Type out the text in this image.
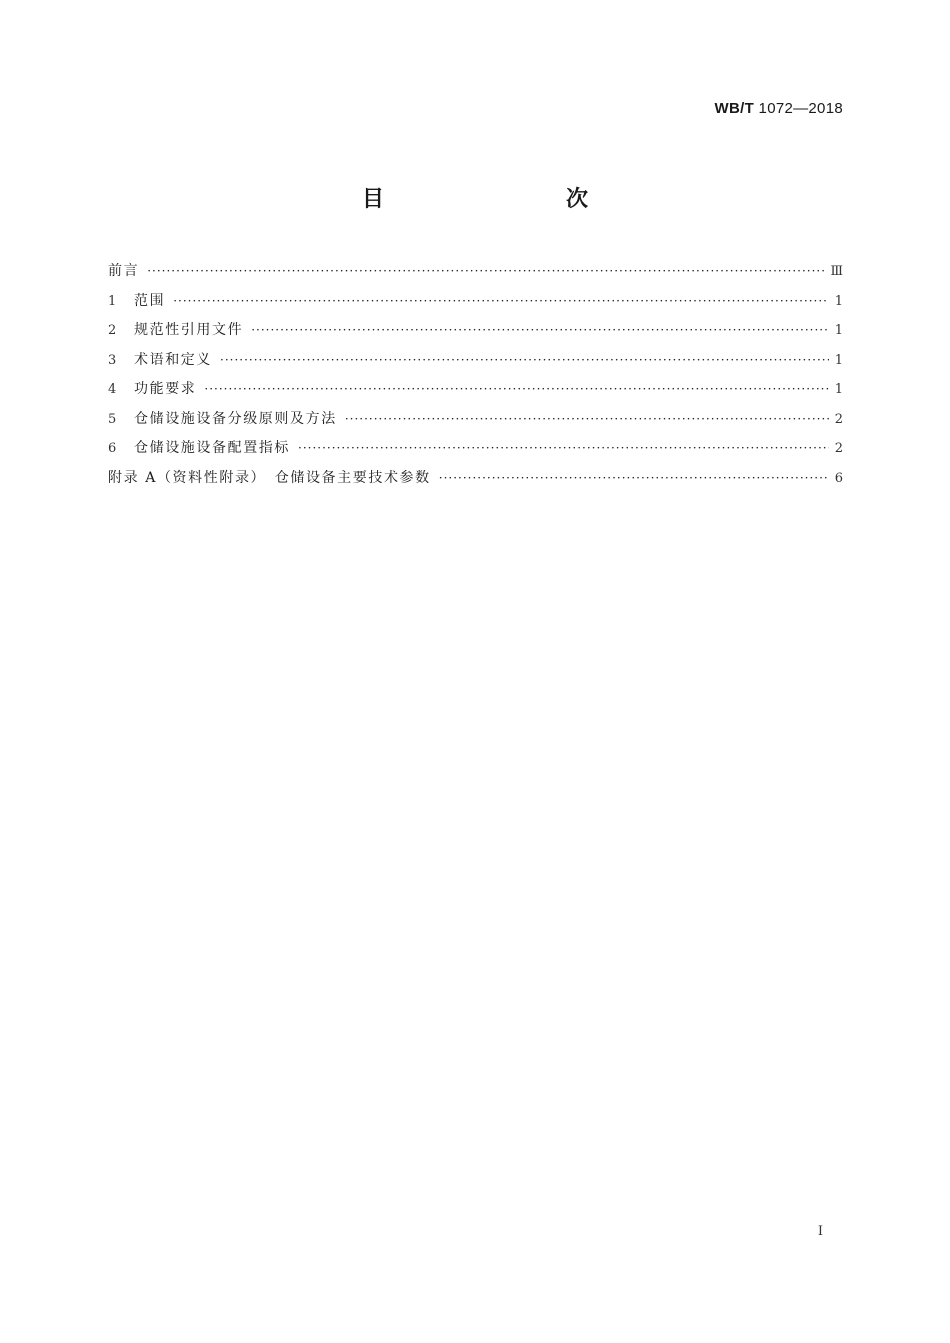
WB/T 1072—2018
目　　次
前言 ·····	Ⅲ
1	范围 ·····	1
2	规范性引用文件 ·····	1
3	术语和定义 ·····	1
4	功能要求 ·····	1
5	仓储设施设备分级原则及方法 ·····	2
6	仓储设施设备配置指标 ·····	2
附录 A（资料性附录）　仓储设备主要技术参数 ·····	6
Ⅰ
